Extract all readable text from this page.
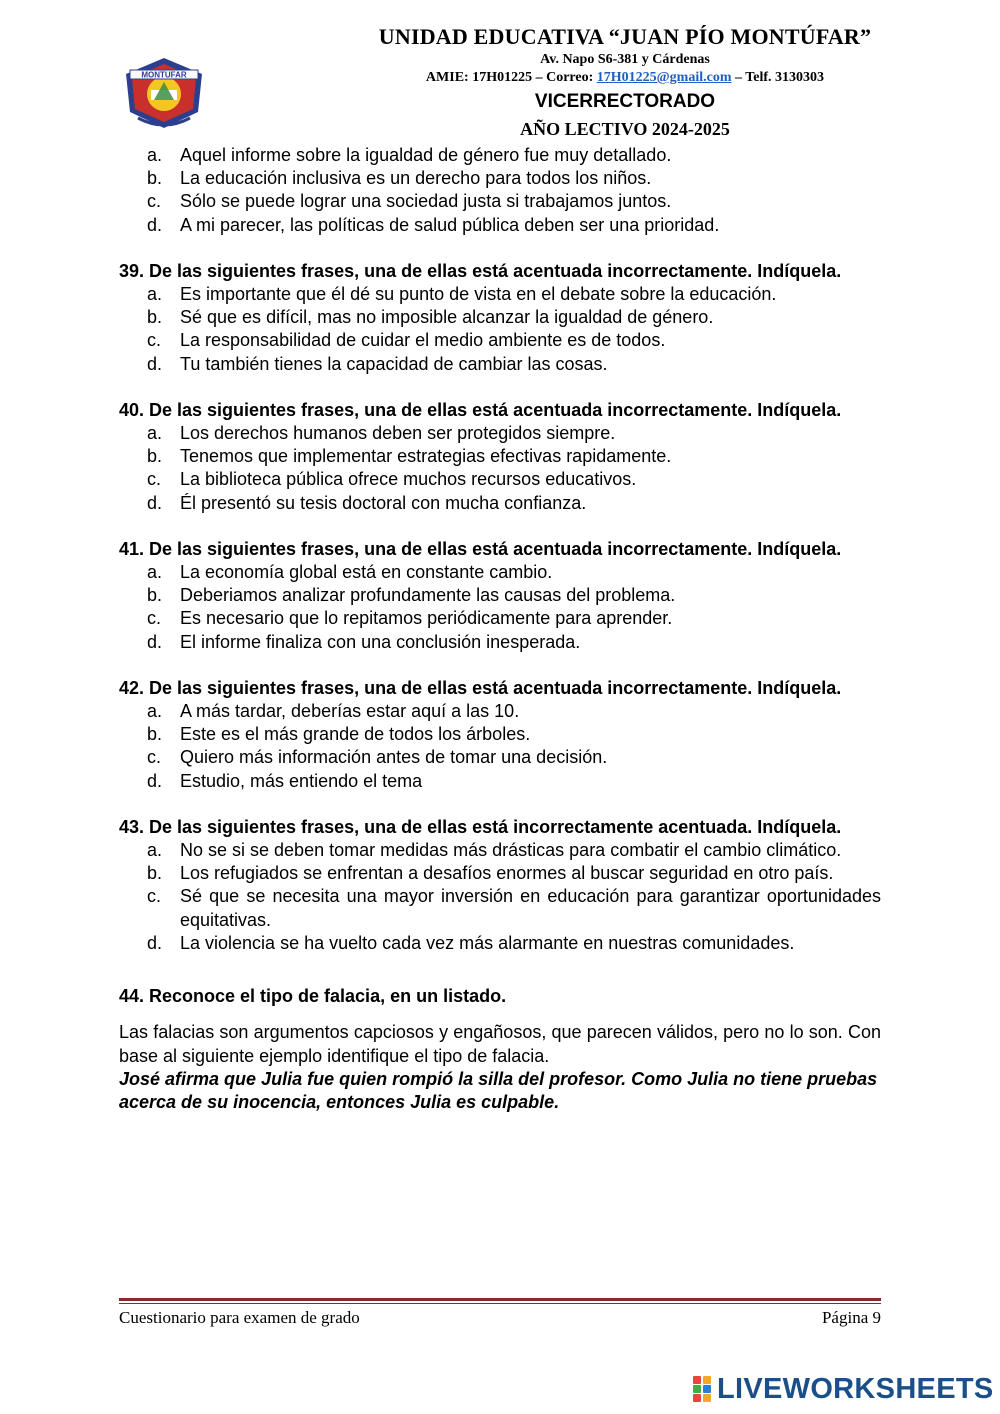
MONTUFAR
UNIDAD EDUCATIVA “JUAN PÍO MONTÚFAR”
Av. Napo S6-381 y Cárdenas
AMIE: 17H01225 – Correo: 17H01225@gmail.com – Telf. 3130303
VICERRECTORADO
AÑO LECTIVO 2024-2025
a. Aquel informe sobre la igualdad de género fue muy detallado.
b. La educación inclusiva es un derecho para todos los niños.
c. Sólo se puede lograr una sociedad justa si trabajamos juntos.
d. A mi parecer, las políticas de salud pública deben ser una prioridad.
39. De las siguientes frases, una de ellas está acentuada incorrectamente. Indíquela.
a. Es importante que él dé su punto de vista en el debate sobre la educación.
b. Sé que es difícil, mas no imposible alcanzar la igualdad de género.
c. La responsabilidad de cuidar el medio ambiente es de todos.
d. Tu también tienes la capacidad de cambiar las cosas.
40. De las siguientes frases, una de ellas está acentuada incorrectamente. Indíquela.
a. Los derechos humanos deben ser protegidos siempre.
b. Tenemos que implementar estrategias efectivas rapidamente.
c. La biblioteca pública ofrece muchos recursos educativos.
d. Él presentó su tesis doctoral con mucha confianza.
41. De las siguientes frases, una de ellas está acentuada incorrectamente. Indíquela.
a. La economía global está en constante cambio.
b. Deberiamos analizar profundamente las causas del problema.
c. Es necesario que lo repitamos periódicamente para aprender.
d. El informe finaliza con una conclusión inesperada.
42. De las siguientes frases, una de ellas está acentuada incorrectamente. Indíquela.
a. A más tardar, deberías estar aquí a las 10.
b. Este es el más grande de todos los árboles.
c. Quiero más información antes de tomar una decisión.
d. Estudio, más entiendo el tema
43. De las siguientes frases, una de ellas está incorrectamente acentuada. Indíquela.
a. No se si se deben tomar medidas más drásticas para combatir el cambio climático.
b. Los refugiados se enfrentan a desafíos enormes al buscar seguridad en otro país.
c. Sé que se necesita una mayor inversión en educación para garantizar oportunidades equitativas.
d. La violencia se ha vuelto cada vez más alarmante en nuestras comunidades.
44. Reconoce el tipo de falacia, en un listado.
Las falacias son argumentos capciosos y engañosos, que parecen válidos, pero no lo son. Con base al siguiente ejemplo identifique el tipo de falacia.
José afirma que Julia fue quien rompió la silla del profesor. Como Julia no tiene pruebas acerca de su inocencia, entonces Julia es culpable.
Cuestionario para examen de grado	Página 9
LIVEWORKSHEETS
